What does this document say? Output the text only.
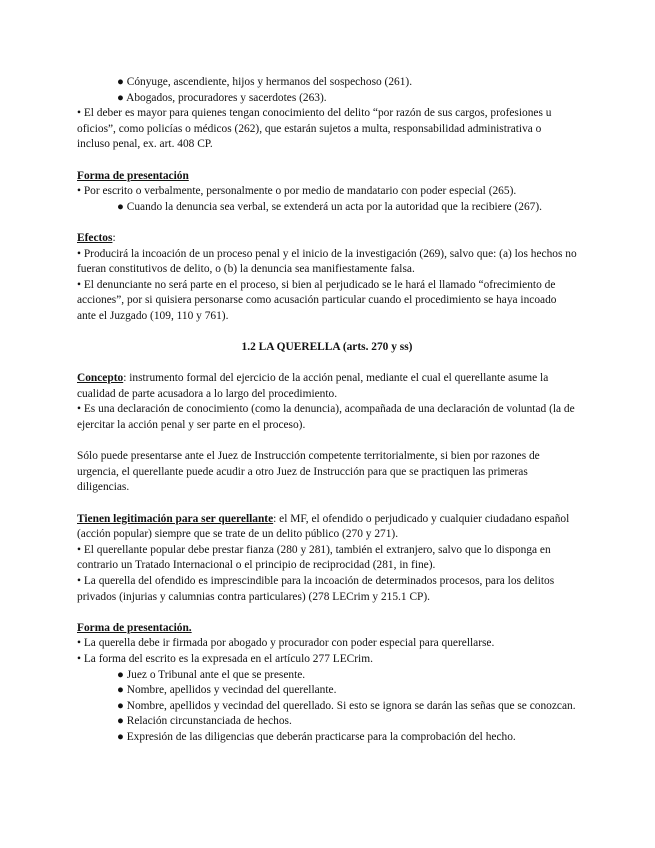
● Cónyuge, ascendiente, hijos y hermanos del sospechoso (261).

● Abogados, procuradores y sacerdotes (263).

• El deber es mayor para quienes tengan conocimiento del delito “por razón de sus cargos, profesiones u oficios”, como policías o médicos (262), que estarán sujetos a multa, responsabilidad administrativa o incluso penal, ex. art. 408 CP.

Forma de presentación

• Por escrito o verbalmente, personalmente o por medio de mandatario con poder especial (265).

● Cuando la denuncia sea verbal, se extenderá un acta por la autoridad que la recibiere (267).

Efectos:

• Producirá la incoación de un proceso penal y el inicio de la investigación (269), salvo que: (a) los hechos no fueran constitutivos de delito, o (b) la denuncia sea manifiestamente falsa.

• El denunciante no será parte en el proceso, si bien al perjudicado se le hará el llamado “ofrecimiento de acciones”, por si quisiera personarse como acusación particular cuando el procedimiento se haya incoado ante el Juzgado (109, 110 y 761).

1.2 LA QUERELLA (arts. 270 y ss)

Concepto: instrumento formal del ejercicio de la acción penal, mediante el cual el querellante asume la cualidad de parte acusadora a lo largo del procedimiento.

• Es una declaración de conocimiento (como la denuncia), acompañada de una declaración de voluntad (la de ejercitar la acción penal y ser parte en el proceso).

Sólo puede presentarse ante el Juez de Instrucción competente territorialmente, si bien por razones de urgencia, el querellante puede acudir a otro Juez de Instrucción para que se practiquen las primeras diligencias.

Tienen legitimación para ser querellante: el MF, el ofendido o perjudicado y cualquier ciudadano español (acción popular) siempre que se trate de un delito público (270 y 271).

• El querellante popular debe prestar fianza (280 y 281), también el extranjero, salvo que lo disponga en contrario un Tratado Internacional o el principio de reciprocidad (281, in fine).

• La querella del ofendido es imprescindible para la incoación de determinados procesos, para los delitos privados (injurias y calumnias contra particulares) (278 LECrim y 215.1 CP).

Forma de presentación.

• La querella debe ir firmada por abogado y procurador con poder especial para querellarse.

• La forma del escrito es la expresada en el artículo 277 LECrim.

● Juez o Tribunal ante el que se presente.

● Nombre, apellidos y vecindad del querellante.

● Nombre, apellidos y vecindad del querellado. Si esto se ignora se darán las señas que se conozcan.

● Relación circunstanciada de hechos.

● Expresión de las diligencias que deberán practicarse para la comprobación del hecho.
